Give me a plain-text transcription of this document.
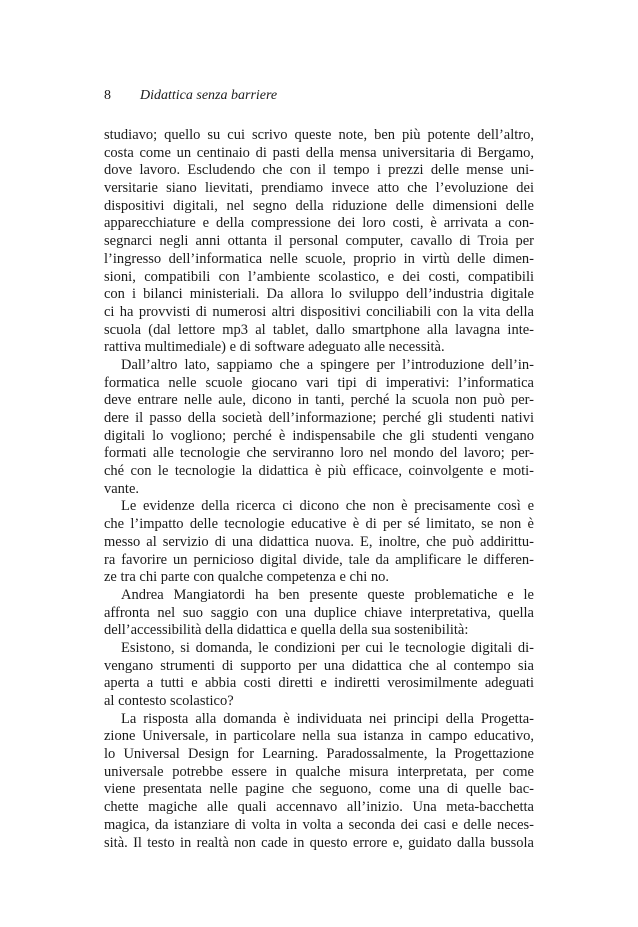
8 Didattica senza barriere
studiavo; quello su cui scrivo queste note, ben più potente dell’altro,
costa come un centinaio di pasti della mensa universitaria di Bergamo,
dove lavoro. Escludendo che con il tempo i prezzi delle mense uni-
versitarie siano lievitati, prendiamo invece atto che l’evoluzione dei
dispositivi digitali, nel segno della riduzione delle dimensioni delle
apparecchiature e della compressione dei loro costi, è arrivata a con-
segnarci negli anni ottanta il personal computer, cavallo di Troia per
l’ingresso dell’informatica nelle scuole, proprio in virtù delle dimen-
sioni, compatibili con l’ambiente scolastico, e dei costi, compatibili
con i bilanci ministeriali. Da allora lo sviluppo dell’industria digitale
ci ha provvisti di numerosi altri dispositivi conciliabili con la vita della
scuola (dal lettore mp3 al tablet, dallo smartphone alla lavagna inte-
rattiva multimediale) e di software adeguato alle necessità.
Dall’altro lato, sappiamo che a spingere per l’introduzione dell’in-
formatica nelle scuole giocano vari tipi di imperativi: l’informatica
deve entrare nelle aule, dicono in tanti, perché la scuola non può per-
dere il passo della società dell’informazione; perché gli studenti nativi
digitali lo vogliono; perché è indispensabile che gli studenti vengano
formati alle tecnologie che serviranno loro nel mondo del lavoro; per-
ché con le tecnologie la didattica è più efficace, coinvolgente e moti-
vante.
Le evidenze della ricerca ci dicono che non è precisamente così e
che l’impatto delle tecnologie educative è di per sé limitato, se non è
messo al servizio di una didattica nuova. E, inoltre, che può addirittu-
ra favorire un pernicioso digital divide, tale da amplificare le differen-
ze tra chi parte con qualche competenza e chi no.
Andrea Mangiatordi ha ben presente queste problematiche e le
affronta nel suo saggio con una duplice chiave interpretativa, quella
dell’accessibilità della didattica e quella della sua sostenibilità:
Esistono, si domanda, le condizioni per cui le tecnologie digitali di-
vengano strumenti di supporto per una didattica che al contempo sia
aperta a tutti e abbia costi diretti e indiretti verosimilmente adeguati
al contesto scolastico?
La risposta alla domanda è individuata nei principi della Progetta-
zione Universale, in particolare nella sua istanza in campo educativo,
lo Universal Design for Learning. Paradossalmente, la Progettazione
universale potrebbe essere in qualche misura interpretata, per come
viene presentata nelle pagine che seguono, come una di quelle bac-
chette magiche alle quali accennavo all’inizio. Una meta-bacchetta
magica, da istanziare di volta in volta a seconda dei casi e delle neces-
sità. Il testo in realtà non cade in questo errore e, guidato dalla bussola
